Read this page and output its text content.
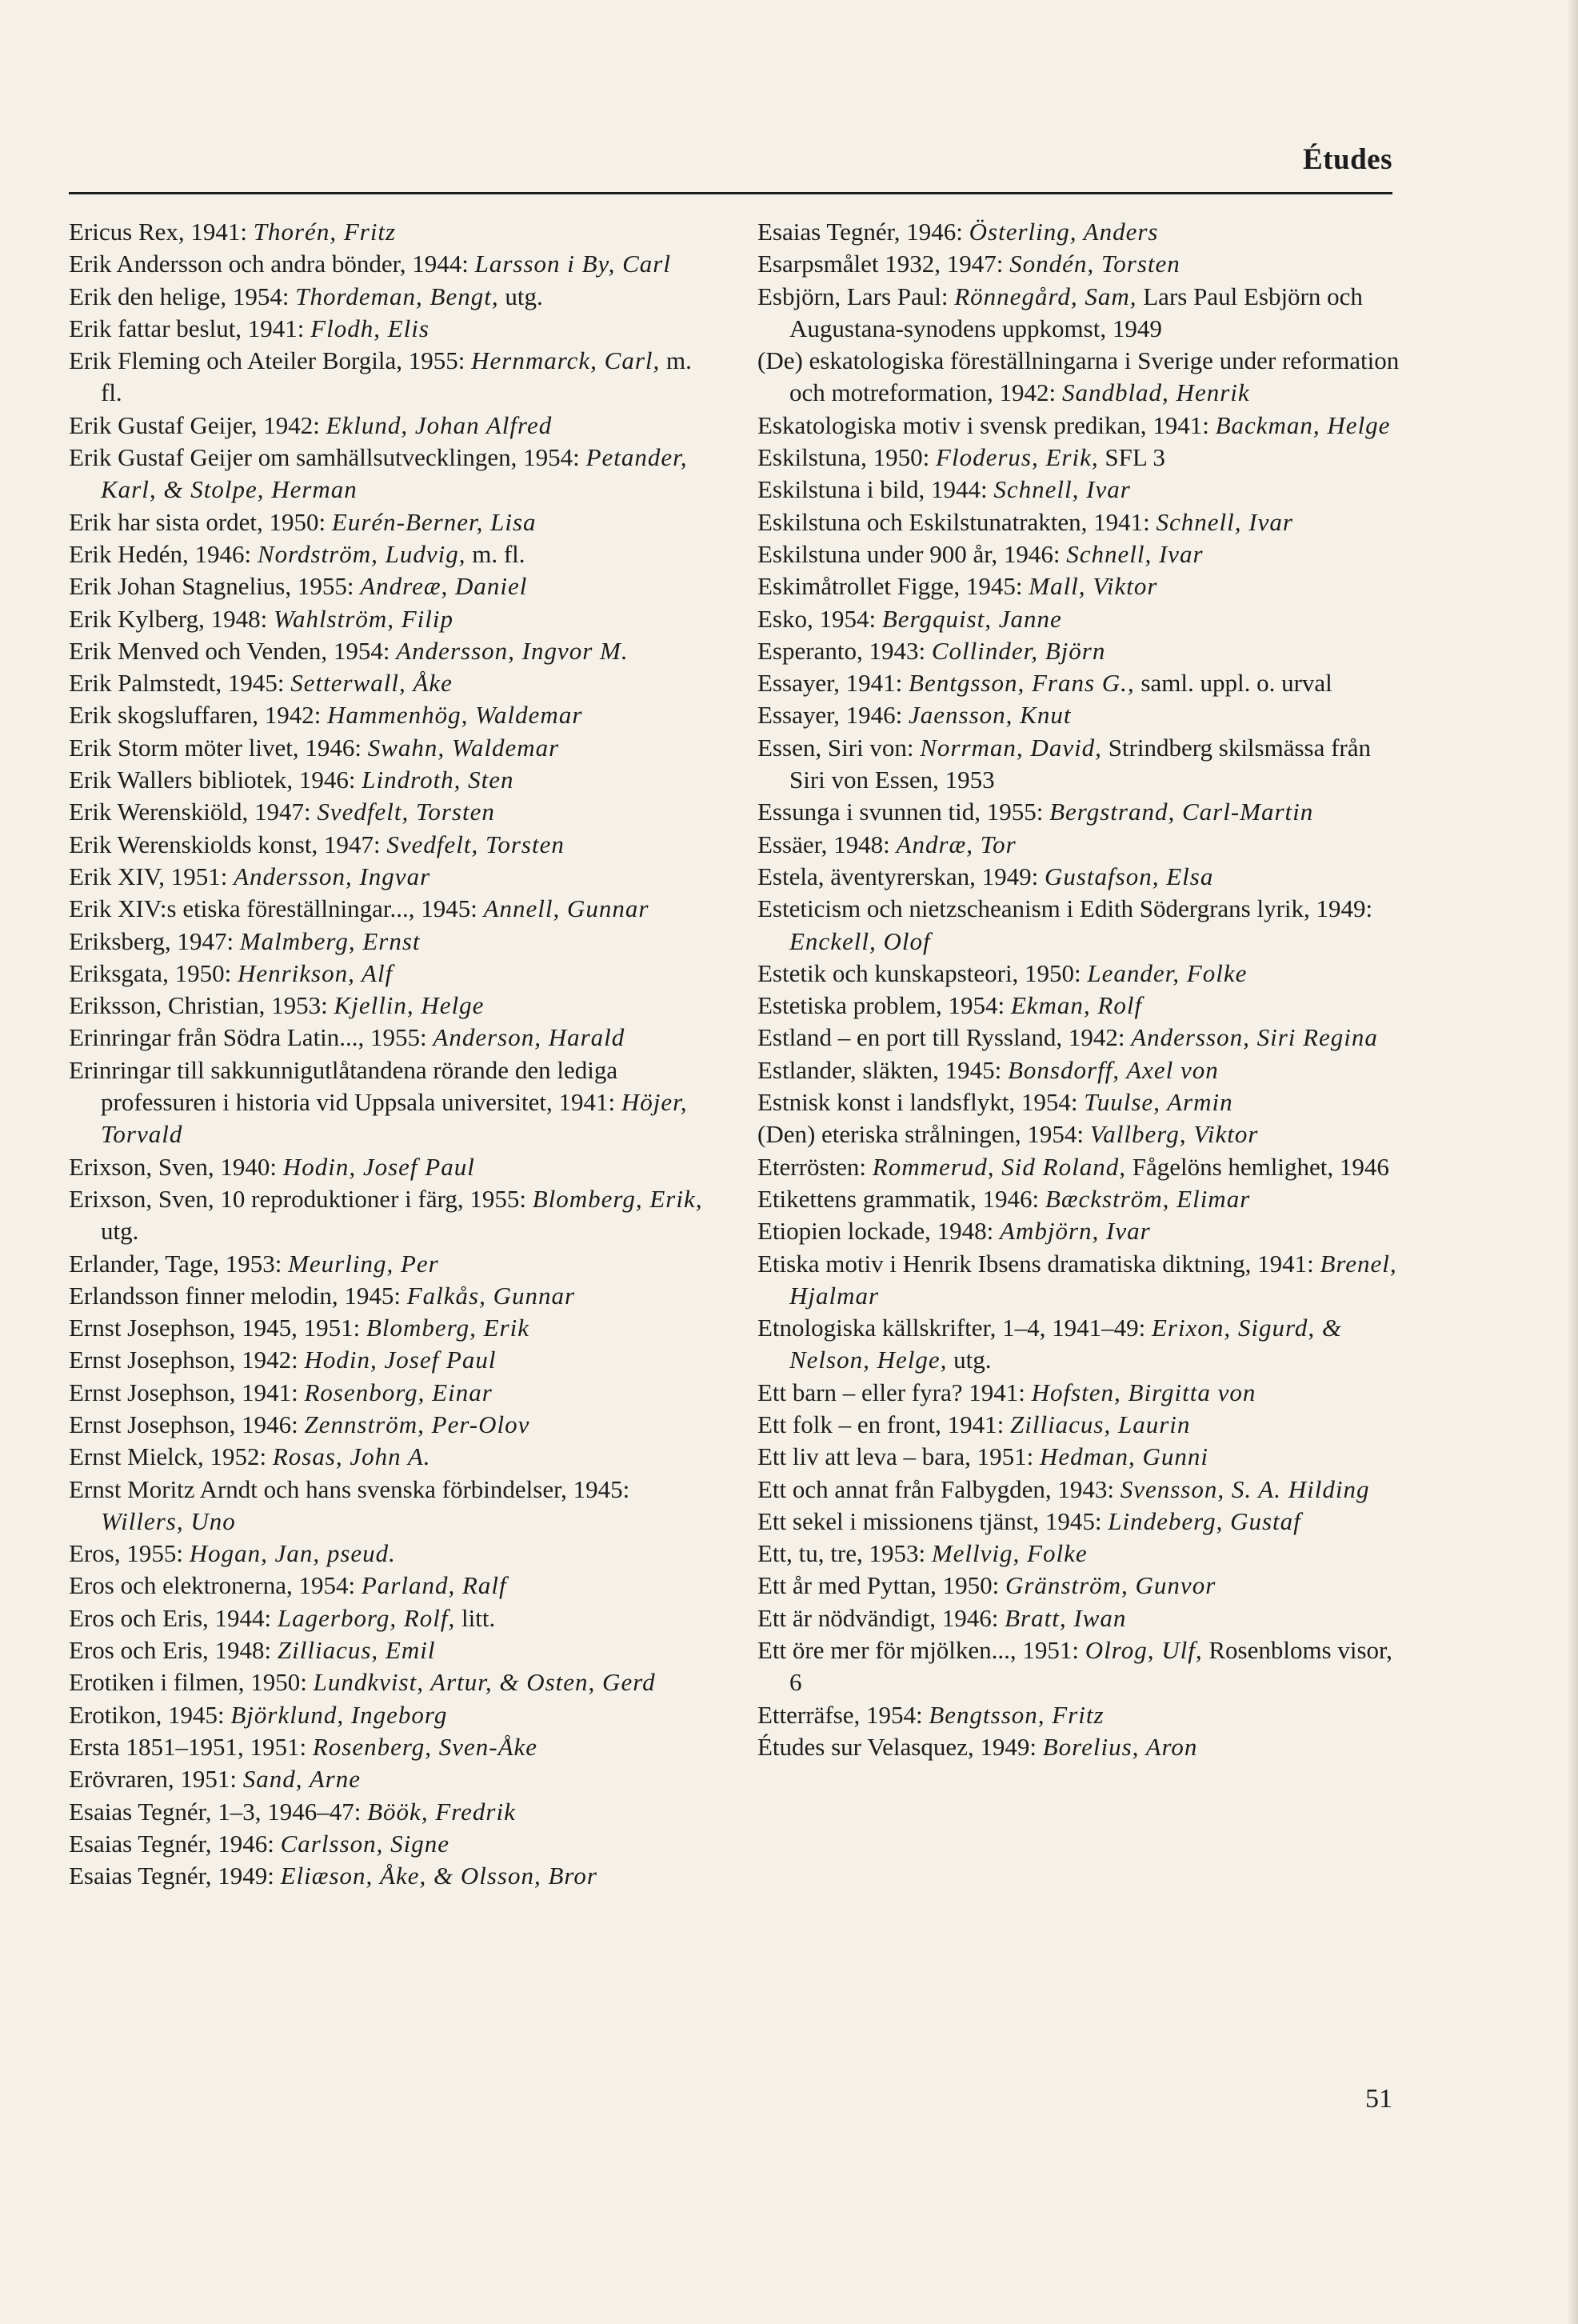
Études

Ericus Rex, 1941: Thorén, Fritz

Erik Andersson och andra bönder, 1944: Larsson i By, Carl

Erik den helige, 1954: Thordeman, Bengt, utg.

Erik fattar beslut, 1941: Flodh, Elis

Erik Fleming och Ateiler Borgila, 1955: Hernmarck, Carl, m. fl.

Erik Gustaf Geijer, 1942: Eklund, Johan Alfred

Erik Gustaf Geijer om samhällsutvecklingen, 1954: Petander, Karl, & Stolpe, Herman

Erik har sista ordet, 1950: Eurén-Berner, Lisa

Erik Hedén, 1946: Nordström, Ludvig, m. fl.

Erik Johan Stagnelius, 1955: Andreæ, Daniel

Erik Kylberg, 1948: Wahlström, Filip

Erik Menved och Venden, 1954: Andersson, Ingvor M.

Erik Palmstedt, 1945: Setterwall, Åke

Erik skogsluffaren, 1942: Hammenhög, Waldemar

Erik Storm möter livet, 1946: Swahn, Waldemar

Erik Wallers bibliotek, 1946: Lindroth, Sten

Erik Werenskiöld, 1947: Svedfelt, Torsten

Erik Werenskiolds konst, 1947: Svedfelt, Torsten

Erik XIV, 1951: Andersson, Ingvar

Erik XIV:s etiska föreställningar..., 1945: Annell, Gunnar

Eriksberg, 1947: Malmberg, Ernst

Eriksgata, 1950: Henrikson, Alf

Eriksson, Christian, 1953: Kjellin, Helge

Erinringar från Södra Latin..., 1955: Anderson, Harald

Erinringar till sakkunnigutlåtandena rörande den lediga professuren i historia vid Uppsala universitet, 1941: Höjer, Torvald

Erixson, Sven, 1940: Hodin, Josef Paul

Erixson, Sven, 10 reproduktioner i färg, 1955: Blomberg, Erik, utg.

Erlander, Tage, 1953: Meurling, Per

Erlandsson finner melodin, 1945: Falkås, Gunnar

Ernst Josephson, 1945, 1951: Blomberg, Erik

Ernst Josephson, 1942: Hodin, Josef Paul

Ernst Josephson, 1941: Rosenborg, Einar

Ernst Josephson, 1946: Zennström, Per-Olov

Ernst Mielck, 1952: Rosas, John A.

Ernst Moritz Arndt och hans svenska förbindelser, 1945: Willers, Uno

Eros, 1955: Hogan, Jan, pseud.

Eros och elektronerna, 1954: Parland, Ralf

Eros och Eris, 1944: Lagerborg, Rolf, litt.

Eros och Eris, 1948: Zilliacus, Emil

Erotiken i filmen, 1950: Lundkvist, Artur, & Osten, Gerd

Erotikon, 1945: Björklund, Ingeborg

Ersta 1851–1951, 1951: Rosenberg, Sven-Åke

Erövraren, 1951: Sand, Arne

Esaias Tegnér, 1–3, 1946–47: Böök, Fredrik

Esaias Tegnér, 1946: Carlsson, Signe

Esaias Tegnér, 1949: Eliæson, Åke, & Olsson, Bror

Esaias Tegnér, 1946: Österling, Anders

Esarpsmålet 1932, 1947: Sondén, Torsten

Esbjörn, Lars Paul: Rönnegård, Sam, Lars Paul Esbjörn och Augustana-synodens uppkomst, 1949

(De) eskatologiska föreställningarna i Sverige under reformation och motreformation, 1942: Sandblad, Henrik

Eskatologiska motiv i svensk predikan, 1941: Backman, Helge

Eskilstuna, 1950: Floderus, Erik, SFL 3

Eskilstuna i bild, 1944: Schnell, Ivar

Eskilstuna och Eskilstunatrakten, 1941: Schnell, Ivar

Eskilstuna under 900 år, 1946: Schnell, Ivar

Eskimåtrollet Figge, 1945: Mall, Viktor

Esko, 1954: Bergquist, Janne

Esperanto, 1943: Collinder, Björn

Essayer, 1941: Bentgsson, Frans G., saml. uppl. o. urval

Essayer, 1946: Jaensson, Knut

Essen, Siri von: Norrman, David, Strindberg skilsmässa från Siri von Essen, 1953

Essunga i svunnen tid, 1955: Bergstrand, Carl-Martin

Essäer, 1948: Andræ, Tor

Estela, äventyrerskan, 1949: Gustafson, Elsa

Esteticism och nietzscheanism i Edith Södergrans lyrik, 1949: Enckell, Olof

Estetik och kunskapsteori, 1950: Leander, Folke

Estetiska problem, 1954: Ekman, Rolf

Estland – en port till Ryssland, 1942: Andersson, Siri Regina

Estlander, släkten, 1945: Bonsdorff, Axel von

Estnisk konst i landsflykt, 1954: Tuulse, Armin

(Den) eteriska strålningen, 1954: Vallberg, Viktor

Eterrösten: Rommerud, Sid Roland, Fågelöns hemlighet, 1946

Etikettens grammatik, 1946: Bæckström, Elimar

Etiopien lockade, 1948: Ambjörn, Ivar

Etiska motiv i Henrik Ibsens dramatiska diktning, 1941: Brenel, Hjalmar

Etnologiska källskrifter, 1–4, 1941–49: Erixon, Sigurd, & Nelson, Helge, utg.

Ett barn – eller fyra? 1941: Hofsten, Birgitta von

Ett folk – en front, 1941: Zilliacus, Laurin

Ett liv att leva – bara, 1951: Hedman, Gunni

Ett och annat från Falbygden, 1943: Svensson, S. A. Hilding

Ett sekel i missionens tjänst, 1945: Lindeberg, Gustaf

Ett, tu, tre, 1953: Mellvig, Folke

Ett år med Pyttan, 1950: Gränström, Gunvor

Ett är nödvändigt, 1946: Bratt, Iwan

Ett öre mer för mjölken..., 1951: Olrog, Ulf, Rosenbloms visor, 6

Etterräfse, 1954: Bengtsson, Fritz

Études sur Velasquez, 1949: Borelius, Aron

51
